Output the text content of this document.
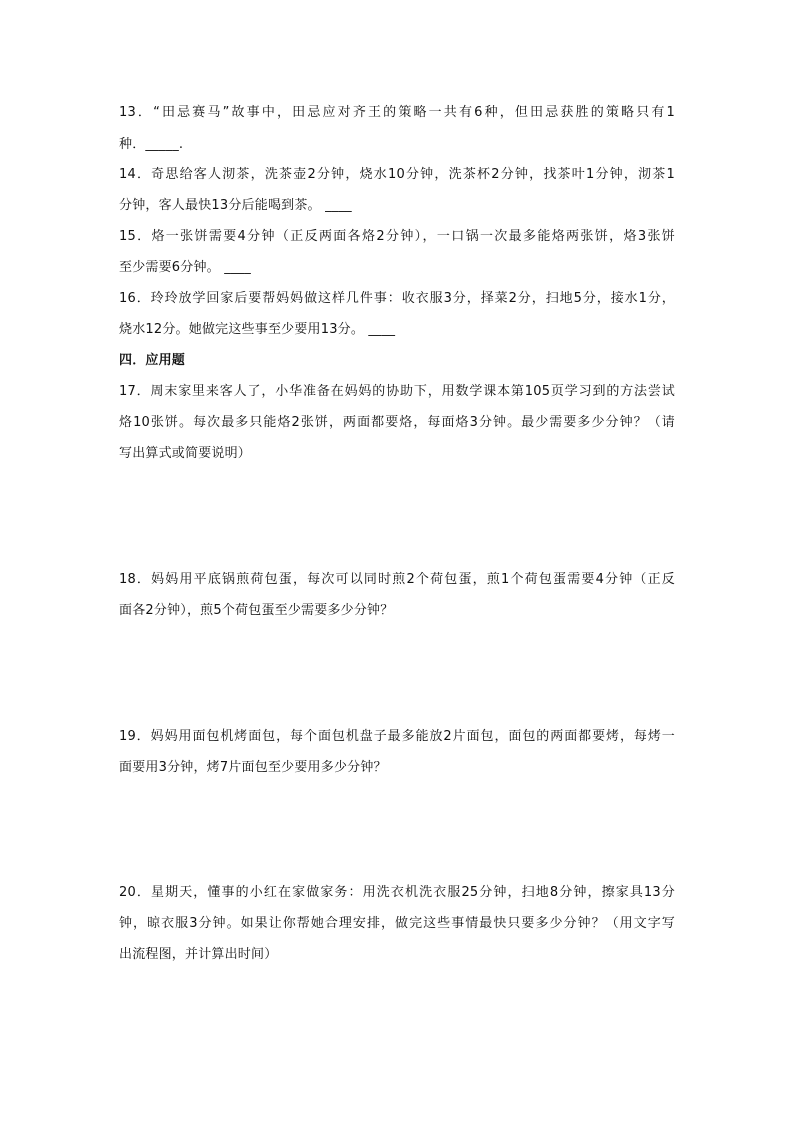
13．“田忌赛马”故事中，田忌应对齐王的策略一共有6种，但田忌获胜的策略只有1
种．_____.
14．奇思给客人沏茶，洗茶壶2分钟，烧水10分钟，洗茶杯2分钟，找茶叶1分钟，沏茶1
分钟，客人最快13分后能喝到茶。 ____
15．烙一张饼需要4分钟（正反两面各烙2分钟），一口锅一次最多能烙两张饼，烙3张饼
至少需要6分钟。 ____
16．玲玲放学回家后要帮妈妈做这样几件事：收衣服3分，择菜2分，扫地5分，接水1分，
烧水12分。她做完这些事至少要用13分。 ____
四．应用题
17．周末家里来客人了，小华准备在妈妈的协助下，用数学课本第105页学习到的方法尝试
烙10张饼。每次最多只能烙2张饼，两面都要烙，每面烙3分钟。最少需要多少分钟？（请
写出算式或简要说明）
18．妈妈用平底锅煎荷包蛋，每次可以同时煎2个荷包蛋，煎1个荷包蛋需要4分钟（正反
面各2分钟），煎5个荷包蛋至少需要多少分钟？
19．妈妈用面包机烤面包，每个面包机盘子最多能放2片面包，面包的两面都要烤，每烤一
面要用3分钟，烤7片面包至少要用多少分钟？
20．星期天，懂事的小红在家做家务：用洗衣机洗衣服25分钟，扫地8分钟，擦家具13分
钟，晾衣服3分钟。如果让你帮她合理安排，做完这些事情最快只要多少分钟？（用文字写
出流程图，并计算出时间）
